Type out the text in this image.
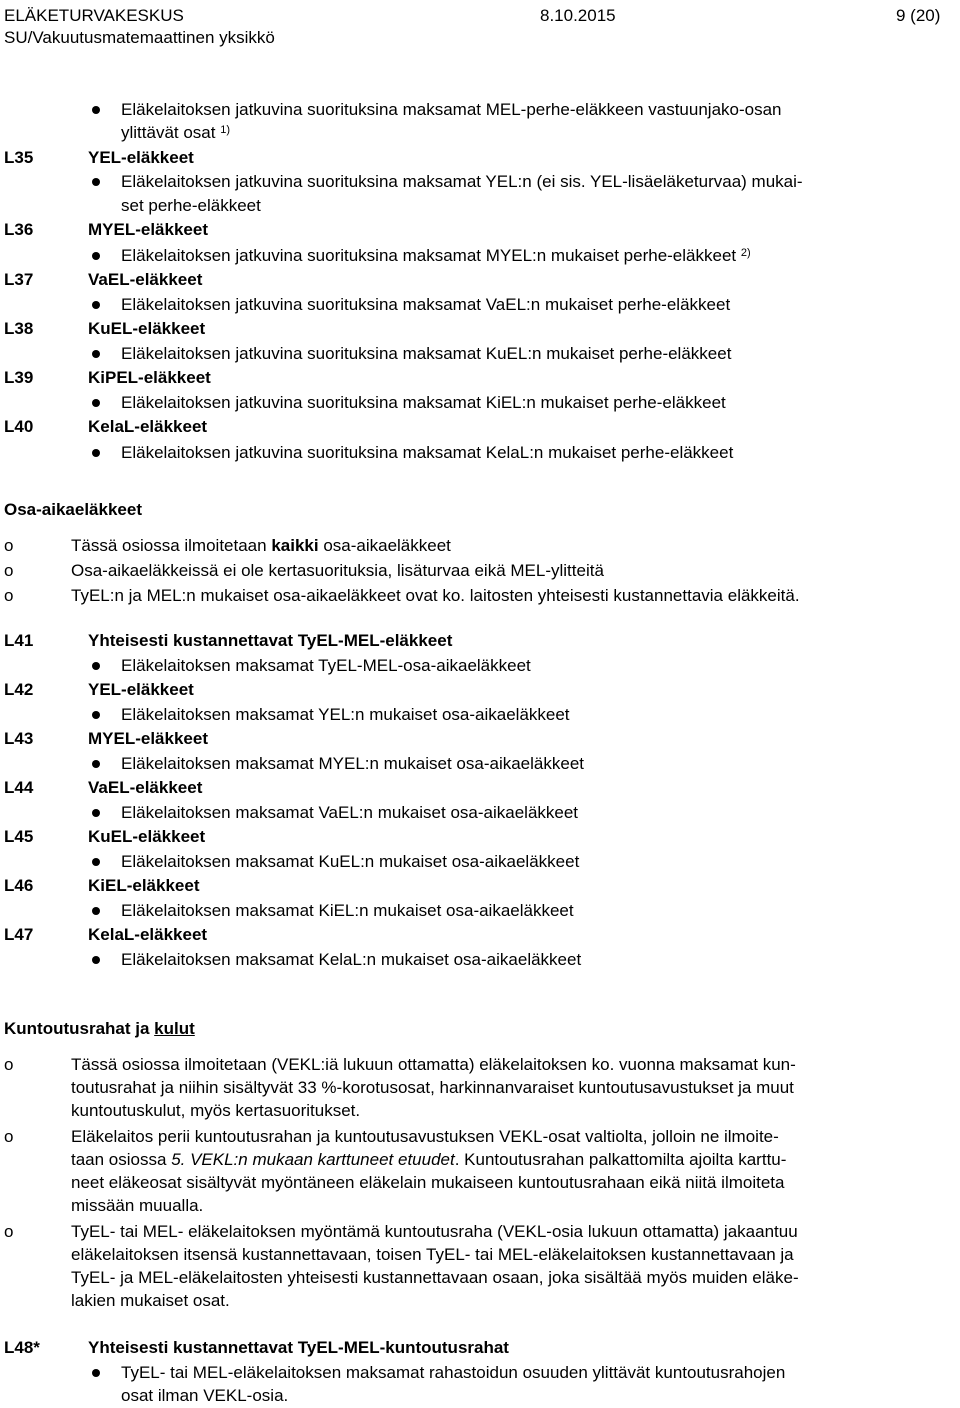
ELÄKETURVAKESKUS	8.10.2015	9 (20)
SU/Vakuutusmatemaattinen yksikkö
Eläkelaitoksen jatkuvina suorituksina maksamat MEL-perhe-eläkkeen vastuunjako-osan
ylittävät osat $^{1)}$
L35	YEL-eläkkeet
Eläkelaitoksen jatkuvina suorituksina maksamat YEL:n (ei sis. YEL-lisäeläketurvaa) mukai-
set perhe-eläkkeet
L36	MYEL-eläkkeet
Eläkelaitoksen jatkuvina suorituksina maksamat MYEL:n mukaiset perhe-eläkkeet $^{2)}$
L37	VaEL-eläkkeet
Eläkelaitoksen jatkuvina suorituksina maksamat VaEL:n mukaiset perhe-eläkkeet
L38	KuEL-eläkkeet
Eläkelaitoksen jatkuvina suorituksina maksamat KuEL:n mukaiset perhe-eläkkeet
L39	KiPEL-eläkkeet
Eläkelaitoksen jatkuvina suorituksina maksamat KiEL:n mukaiset perhe-eläkkeet
L40	KelaL-eläkkeet
Eläkelaitoksen jatkuvina suorituksina maksamat KelaL:n mukaiset perhe-eläkkeet
Osa-aikaeläkkeet
o	Tässä osiossa ilmoitetaan kaikki osa-aikaeläkkeet
o	Osa-aikaeläkkeissä ei ole kertasuorituksia, lisäturvaa eikä MEL-ylitteitä
o	TyEL:n ja MEL:n mukaiset osa-aikaeläkkeet ovat ko. laitosten yhteisesti kustannettavia eläkkeitä.
L41	Yhteisesti kustannettavat TyEL-MEL-eläkkeet
Eläkelaitoksen maksamat TyEL-MEL-osa-aikaeläkkeet
L42	YEL-eläkkeet
Eläkelaitoksen maksamat YEL:n mukaiset osa-aikaeläkkeet
L43	MYEL-eläkkeet
Eläkelaitoksen maksamat MYEL:n mukaiset osa-aikaeläkkeet
L44	VaEL-eläkkeet
Eläkelaitoksen maksamat VaEL:n mukaiset osa-aikaeläkkeet
L45	KuEL-eläkkeet
Eläkelaitoksen maksamat KuEL:n mukaiset osa-aikaeläkkeet
L46	KiEL-eläkkeet
Eläkelaitoksen maksamat KiEL:n mukaiset osa-aikaeläkkeet
L47	KelaL-eläkkeet
Eläkelaitoksen maksamat KelaL:n mukaiset osa-aikaeläkkeet
Kuntoutusrahat ja kulut
o	Tässä osiossa ilmoitetaan (VEKL:iä lukuun ottamatta) eläkelaitoksen ko. vuonna maksamat kun-
toutusrahat ja niihin sisältyvät 33 %-korotusosat, harkinnanvaraiset kuntoutusavustukset ja muut
kuntoutuskulut, myös kertasuoritukset.
o	Eläkelaitos perii kuntoutusrahan ja kuntoutusavustuksen VEKL-osat valtiolta, jolloin ne ilmoite-
taan osiossa 5. VEKL:n mukaan karttuneet etuudet. Kuntoutusrahan palkattomilta ajoilta karttu-
neet eläkeosat sisältyvät myöntäneen eläkelain mukaiseen kuntoutusrahaan eikä niitä ilmoiteta
missään muualla.
o	TyEL- tai MEL- eläkelaitoksen myöntämä kuntoutusraha (VEKL-osia lukuun ottamatta) jakaantuu
eläkelaitoksen itsensä kustannettavaan, toisen TyEL- tai MEL-eläkelaitoksen kustannettavaan ja
TyEL- ja MEL-eläkelaitosten yhteisesti kustannettavaan osaan, joka sisältää myös muiden eläke-
lakien mukaiset osat.
L48*	Yhteisesti kustannettavat TyEL-MEL-kuntoutusrahat
TyEL- tai MEL-eläkelaitoksen maksamat rahastoidun osuuden ylittävät kuntoutusrahojen
osat ilman VEKL-osia.
